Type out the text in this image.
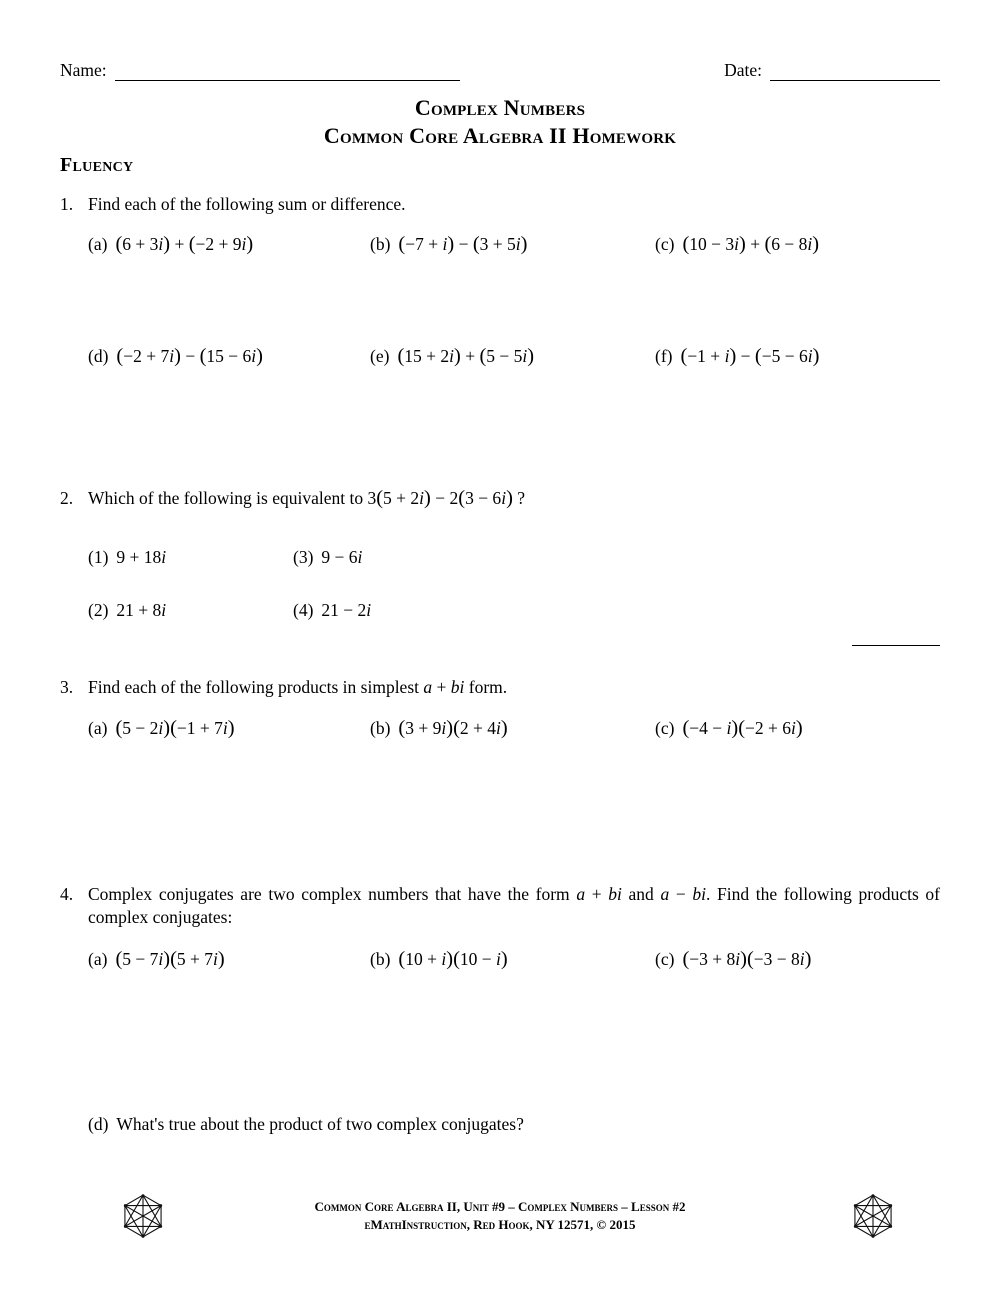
Name:	Date:
Complex Numbers
Common Core Algebra II Homework
Fluency
1. Find each of the following sum or difference.
(a) (6 + 3i) + (−2 + 9i)	(b) (−7 + i) − (3 + 5i)	(c) (10 − 3i) + (6 − 8i)
(d) (−2 + 7i) − (15 − 6i)	(e) (15 + 2i) + (5 − 5i)	(f) (−1 + i) − (−5 − 6i)
2. Which of the following is equivalent to 3(5 + 2i) − 2(3 − 6i) ?
(1) 9 + 18i	(3) 9 − 6i
(2) 21 + 8i	(4) 21 − 2i
3. Find each of the following products in simplest a + bi form.
(a) (5 − 2i)(−1 + 7i)	(b) (3 + 9i)(2 + 4i)	(c) (−4 − i)(−2 + 6i)
4. Complex conjugates are two complex numbers that have the form a + bi and a − bi. Find the following products of complex conjugates:
(a) (5 − 7i)(5 + 7i)	(b) (10 + i)(10 − i)	(c) (−3 + 8i)(−3 − 8i)
(d) What's true about the product of two complex conjugates?
Common Core Algebra II, Unit #9 – Complex Numbers – Lesson #2
eMathInstruction, Red Hook, NY 12571, © 2015
